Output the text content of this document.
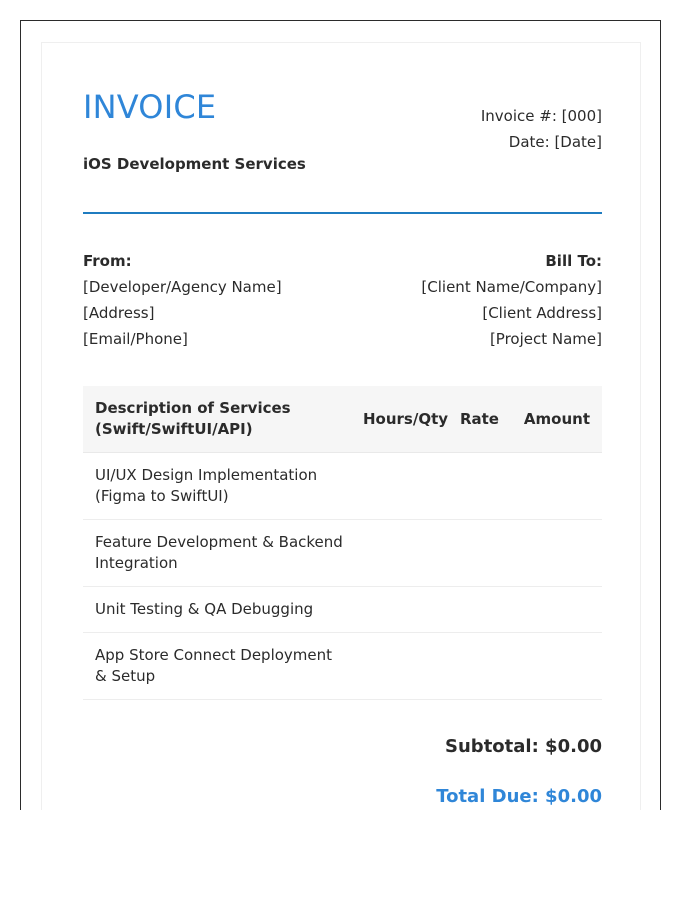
INVOICE
iOS Development Services
Invoice #: [000]
Date: [Date]
From:
[Developer/Agency Name]
[Address]
[Email/Phone]
Bill To:
[Client Name/Company]
[Client Address]
[Project Name]
Description of Services (Swift/SwiftUI/API)	Hours/Qty	Rate	Amount
UI/UX Design Implementation (Figma to SwiftUI)			
Feature Development & Backend Integration			
Unit Testing & QA Debugging			
App Store Connect Deployment & Setup			
Subtotal: $0.00
Total Due: $0.00
